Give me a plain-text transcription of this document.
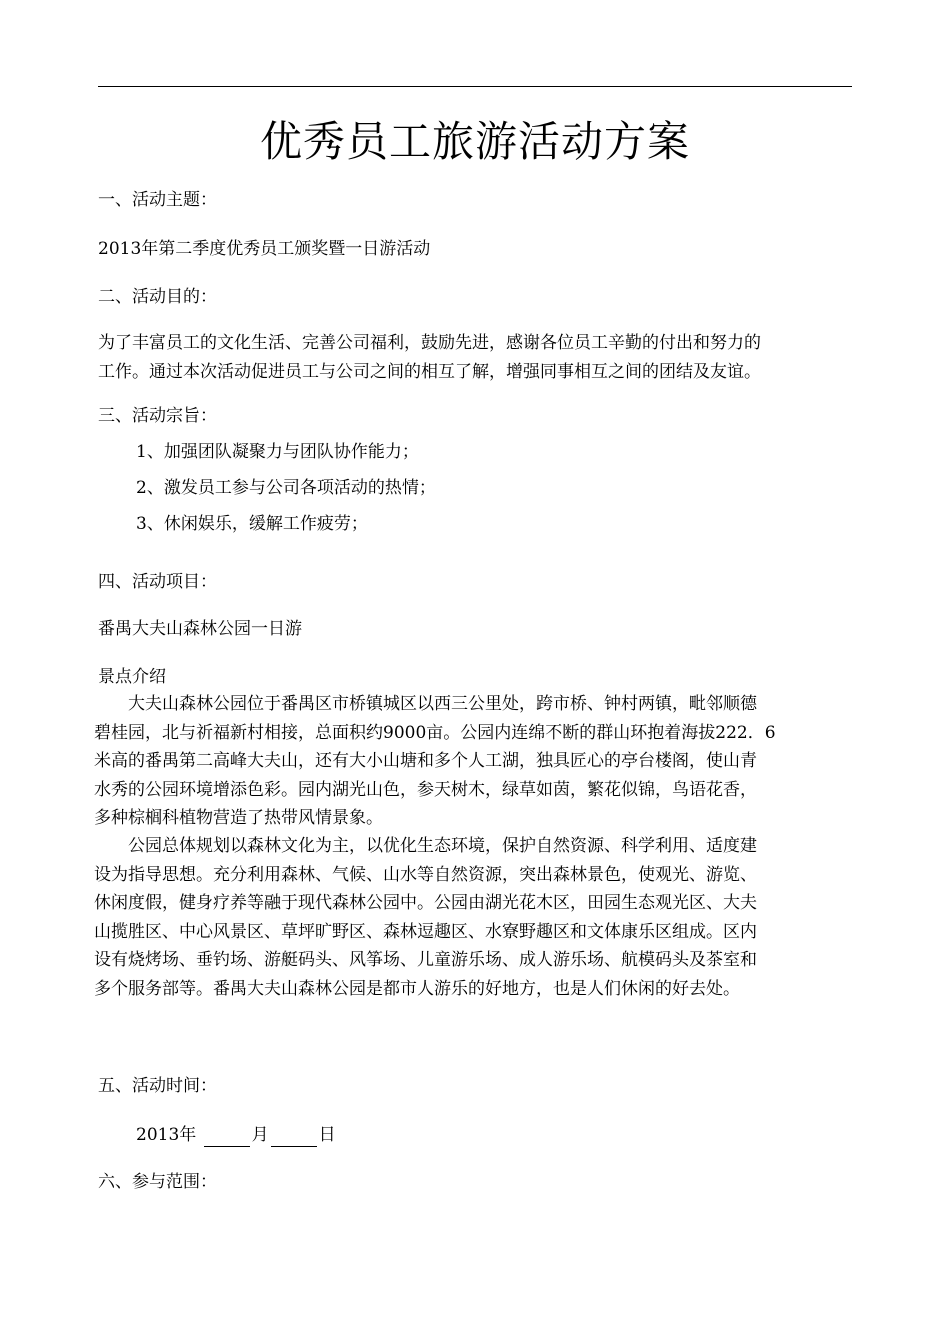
优秀员工旅游活动方案
一、活动主题：
2013年第二季度优秀员工颁奖暨一日游活动
二、活动目的：

为了丰富员工的文化生活、完善公司福利，鼓励先进，感谢各位员工辛勤的付出和努力的

工作。通过本次活动促进员工与公司之间的相互了解，增强同事相互之间的团结及友谊。

三、活动宗旨：
1、加强团队凝聚力与团队协作能力；
2、激发员工参与公司各项活动的热情；
3、休闲娱乐，缓解工作疲劳；
四、活动项目：
番禺大夫山森林公园一日游
景点介绍

　　大夫山森林公园位于番禺区市桥镇城区以西三公里处，跨市桥、钟村两镇，毗邻顺德

碧桂园，北与祈福新村相接，总面积约9000亩。公园内连绵不断的群山环抱着海拔222．6

米高的番禺第二高峰大夫山，还有大小山塘和多个人工湖，独具匠心的亭台楼阁，使山青

水秀的公园环境增添色彩。园内湖光山色，参天树木，绿草如茵，繁花似锦，鸟语花香，

多种棕榈科植物营造了热带风情景象。

　　公园总体规划以森林文化为主，以优化生态环境，保护自然资源、科学利用、适度建

设为指导思想。充分利用森林、气候、山水等自然资源，突出森林景色，使观光、游览、

休闲度假，健身疗养等融于现代森林公园中。公园由湖光花木区，田园生态观光区、大夫

山揽胜区、中心风景区、草坪旷野区、森林逗趣区、水寮野趣区和文体康乐区组成。区内

设有烧烤场、垂钓场、游艇码头、风筝场、儿童游乐场、成人游乐场、航模码头及茶室和

多个服务部等。番禺大夫山森林公园是都市人游乐的好地方，也是人们休闲的好去处。

五、活动时间：
2013年	月	日
六、参与范围：
